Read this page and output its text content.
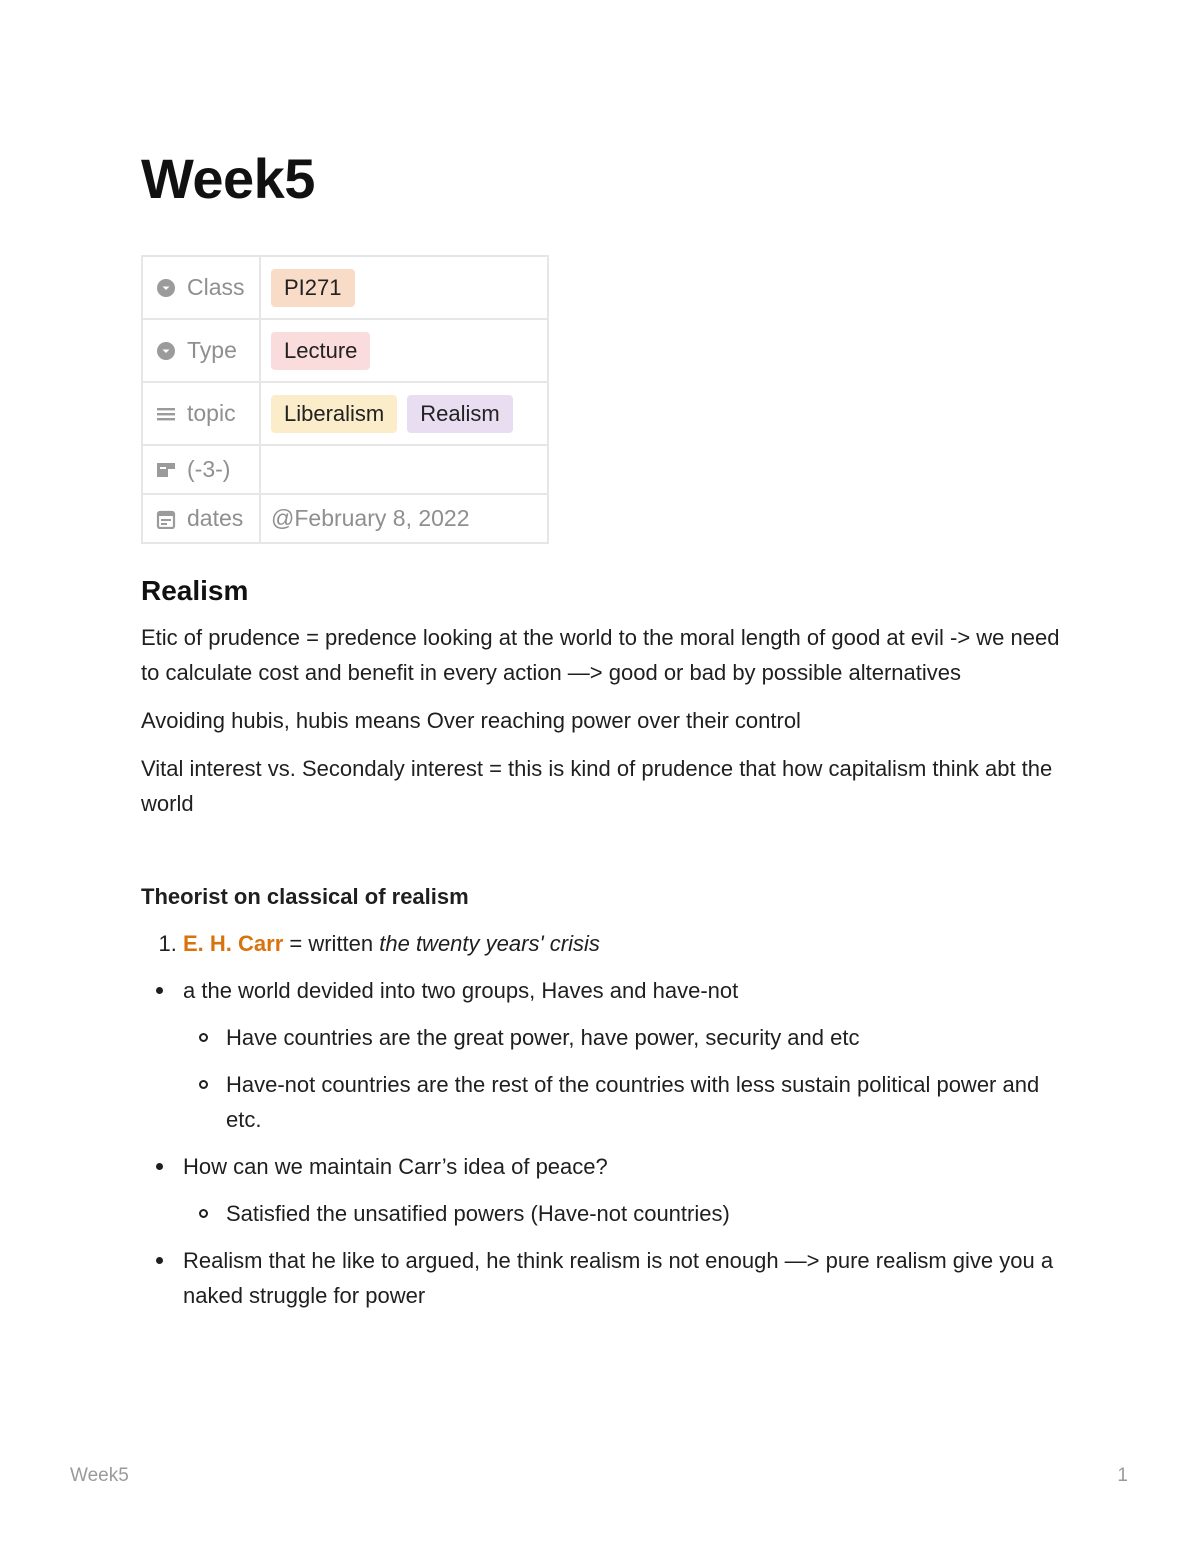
Week5
Class	PI271

Type	Lecture

topic	Liberalism Realism

(-3-)	

dates	@February 8, 2022
Realism

Etic of prudence = predence looking at the world to the moral length of good at evil -> we need to calculate cost and benefit in every action —> good or bad by possible alternatives

Avoiding hubis, hubis means Over reaching power over their control

Vital interest vs. Secondaly interest = this is kind of prudence that how capitalism think abt the world

Theorist on classical of realism
1. E. H. Carr = written the twenty years' crisis
a the world devided into two groups, Haves and have-not
Have countries are the great power, have power, security and etc
Have-not countries are the rest of the countries with less sustain political power and etc.
How can we maintain Carr’s idea of peace?
Satisfied the unsatified powers (Have-not countries)
Realism that he like to argued, he think realism is not enough —> pure realism give you a naked struggle for power
Week5	1
